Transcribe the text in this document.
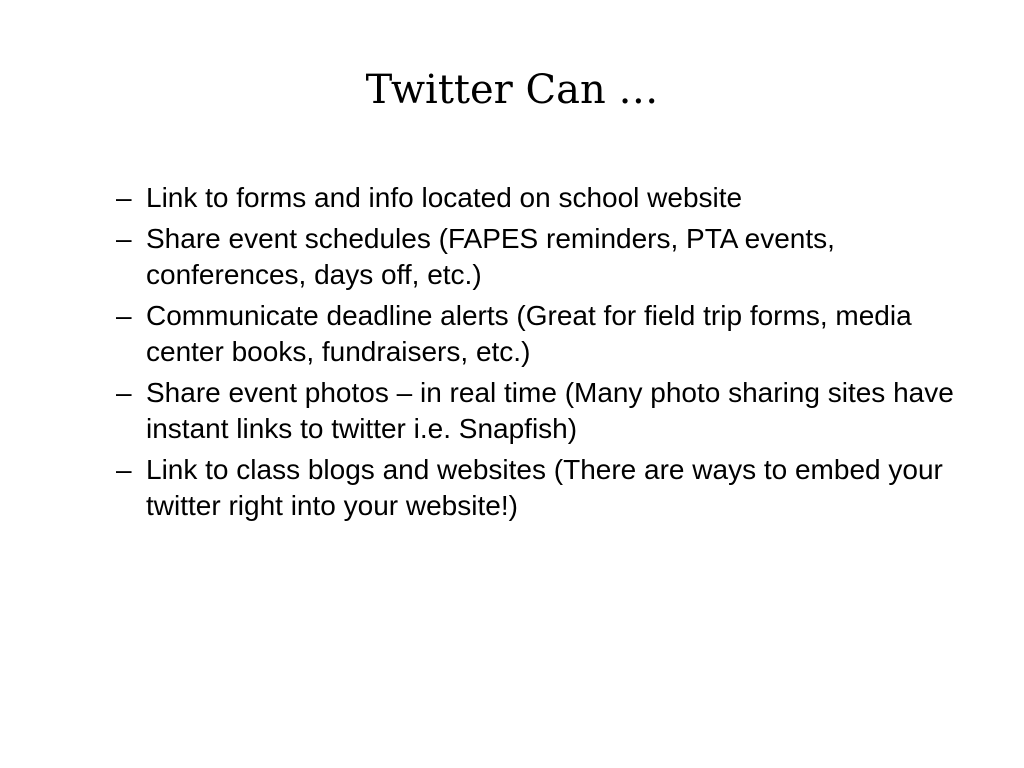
Twitter Can …
– Link to forms and info located on school website
– Share event schedules (FAPES reminders, PTA events, conferences, days off, etc.)
– Communicate deadline alerts (Great for field trip forms, media center books, fundraisers, etc.)
– Share event photos – in real time (Many photo sharing sites have instant links to twitter i.e. Snapfish)
– Link to class blogs and websites (There are ways to embed your twitter right into your website!)
